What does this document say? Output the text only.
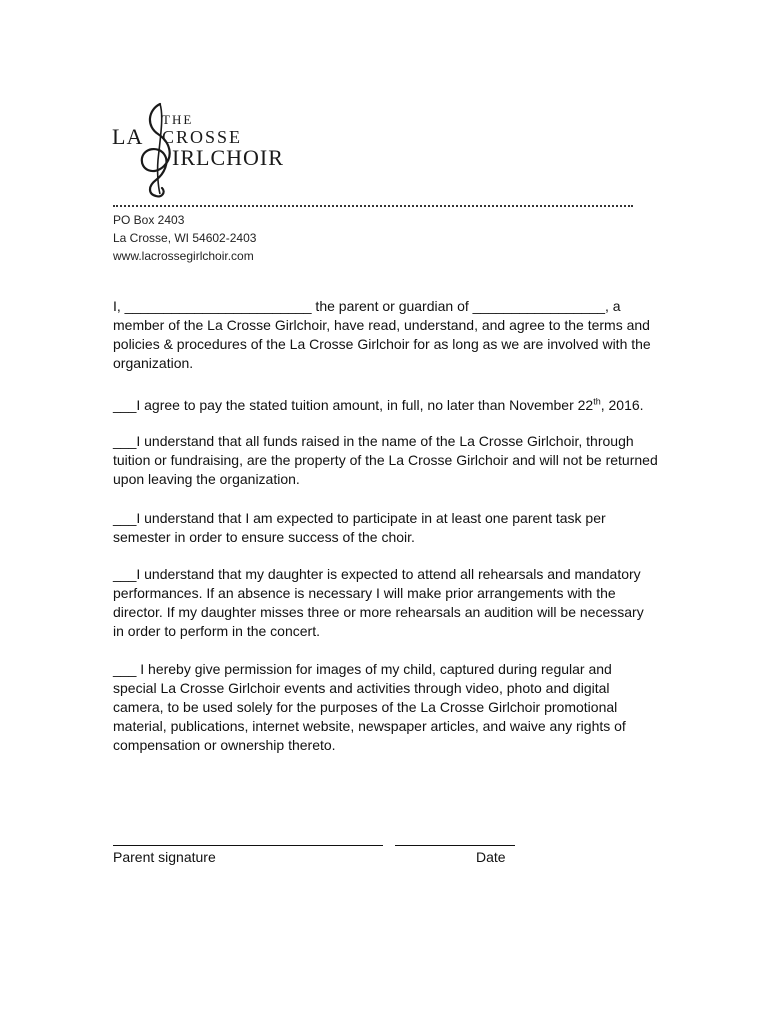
THE
LA CROSSE
IRLCHOIR
PO Box 2403
La Crosse, WI 54602-2403
www.lacrossegirlchoir.com
I, ________________________ the parent or guardian of _________________, a member of the La Crosse Girlchoir, have read, understand, and agree to the terms and policies & procedures of the La Crosse Girlchoir for as long as we are involved with the organization.
___I agree to pay the stated tuition amount, in full, no later than November 22th, 2016.
___I understand that all funds raised in the name of the La Crosse Girlchoir, through tuition or fundraising, are the property of the La Crosse Girlchoir and will not be returned upon leaving the organization.
___I understand that I am expected to participate in at least one parent task per semester in order to ensure success of the choir.
___I understand that my daughter is expected to attend all rehearsals and mandatory performances. If an absence is necessary I will make prior arrangements with the director. If my daughter misses three or more rehearsals an audition will be necessary in order to perform in the concert.
___ I hereby give permission for images of my child, captured during regular and special La Crosse Girlchoir events and activities through video, photo and digital camera, to be used solely for the purposes of the La Crosse Girlchoir promotional material, publications, internet website, newspaper articles, and waive any rights of compensation or ownership thereto.
Parent signature	Date
